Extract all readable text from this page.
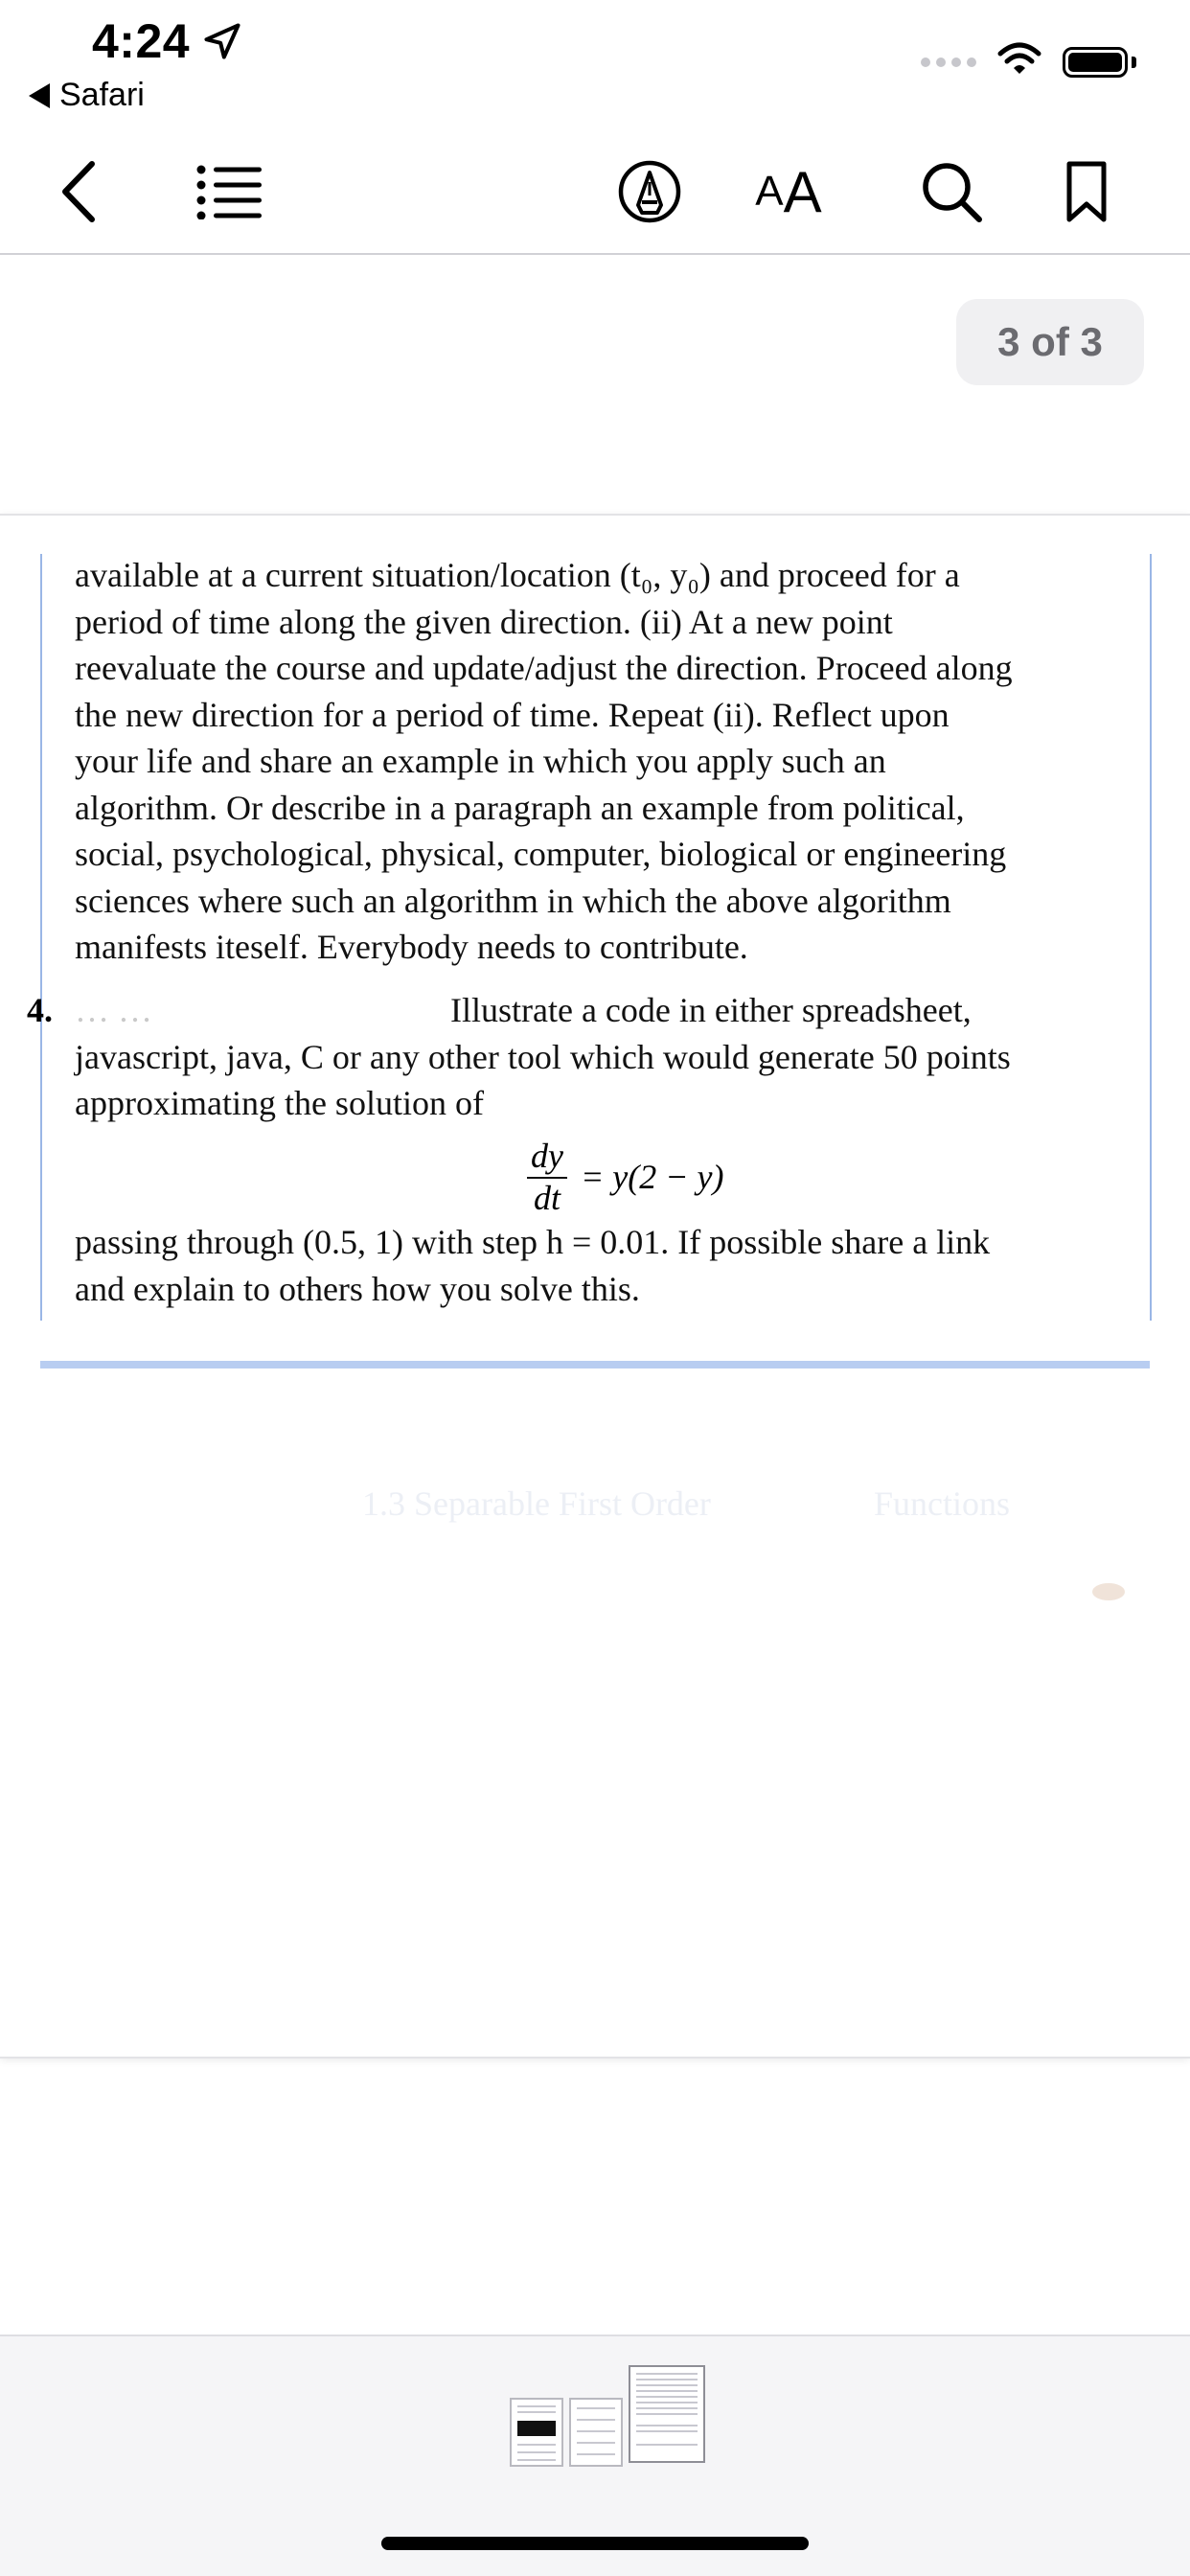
4:24
Safari
A A
3 of 3
available at a current situation/location (t₀, y₀) and proceed for a
period of time along the given direction. (ii) At a new point
reevaluate the course and update/adjust the direction. Proceed along
the new direction for a period of time. Repeat (ii). Reflect upon
your life and share an example in which you apply such an
algorithm. Or describe in a paragraph an example from political,
social, psychological, physical, computer, biological or engineering
sciences where such an algorithm in which the above algorithm
manifests iteself. Everybody needs to contribute.
4. … …	Illustrate a code in either spreadsheet,
javascript, java, C or any other tool which would generate 50 points
approximating the solution of
$\frac{dy}{dt} = y(2 - y)$
passing through (0.5, 1) with step h = 0.01. If possible share a link
and explain to others how you solve this.
1.3 Separable First Order	Functions
